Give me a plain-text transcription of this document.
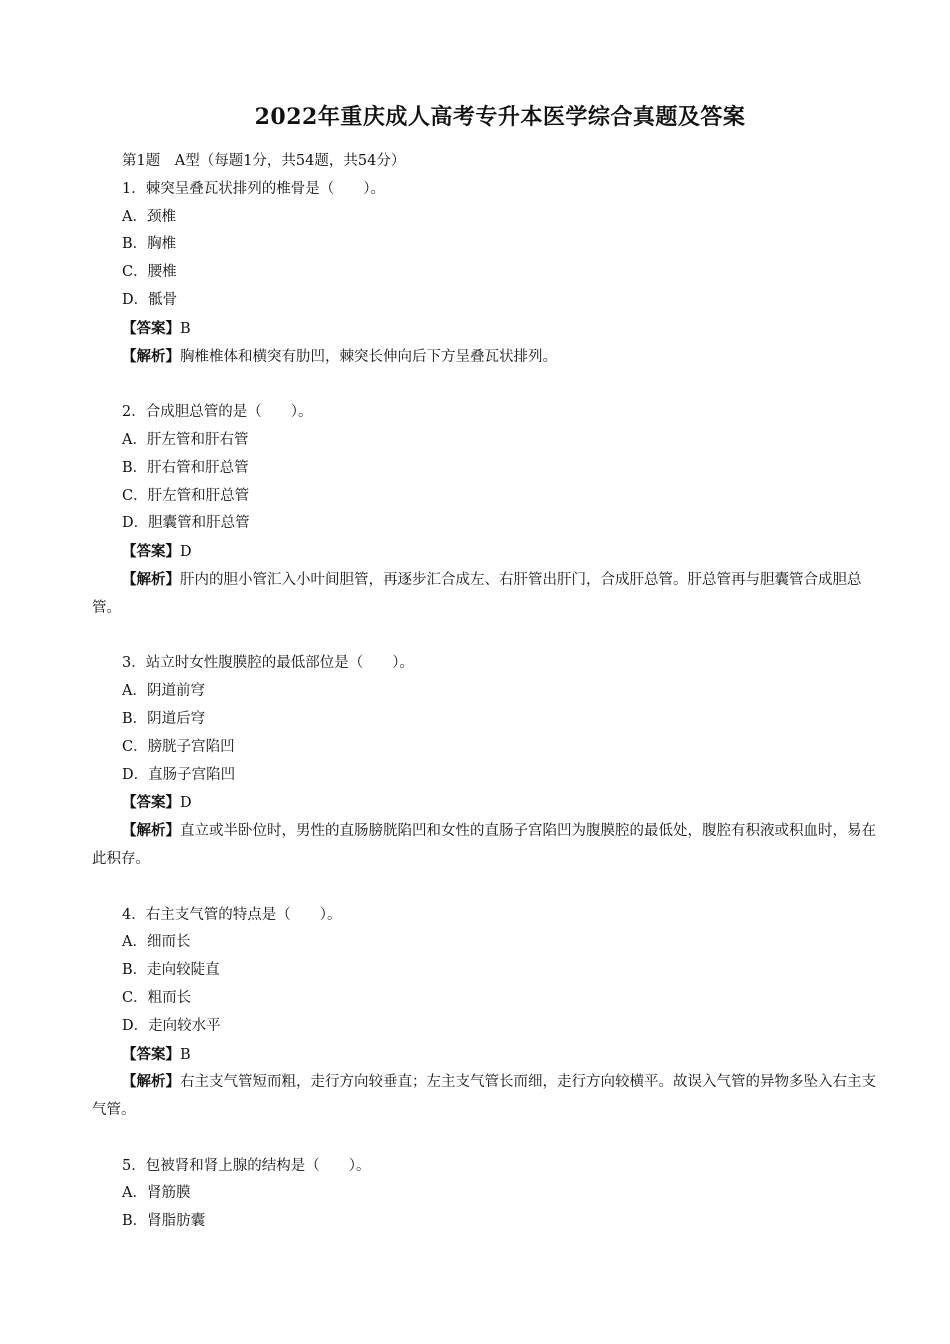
2022年重庆成人高考专升本医学综合真题及答案
第1题　A型（每题1分，共54题，共54分）
1．棘突呈叠瓦状排列的椎骨是（　　）。
A．颈椎
B．胸椎
C．腰椎
D．骶骨
【答案】B
【解析】胸椎椎体和横突有肋凹，棘突长伸向后下方呈叠瓦状排列。
2．合成胆总管的是（　　）。
A．肝左管和肝右管
B．肝右管和肝总管
C．肝左管和肝总管
D．胆囊管和肝总管
【答案】D
【解析】肝内的胆小管汇入小叶间胆管，再逐步汇合成左、右肝管出肝门，合成肝总管。肝总管再与胆囊管合成胆总管。
3．站立时女性腹膜腔的最低部位是（　　）。
A．阴道前穹
B．阴道后穹
C．膀胱子宫陷凹
D．直肠子宫陷凹
【答案】D
【解析】直立或半卧位时，男性的直肠膀胱陷凹和女性的直肠子宫陷凹为腹膜腔的最低处，腹腔有积液或积血时，易在此积存。
4．右主支气管的特点是（　　）。
A．细而长
B．走向较陡直
C．粗而长
D．走向较水平
【答案】B
【解析】右主支气管短而粗，走行方向较垂直；左主支气管长而细，走行方向较横平。故误入气管的异物多坠入右主支气管。
5．包被肾和肾上腺的结构是（　　）。
A．肾筋膜
B．肾脂肪囊
